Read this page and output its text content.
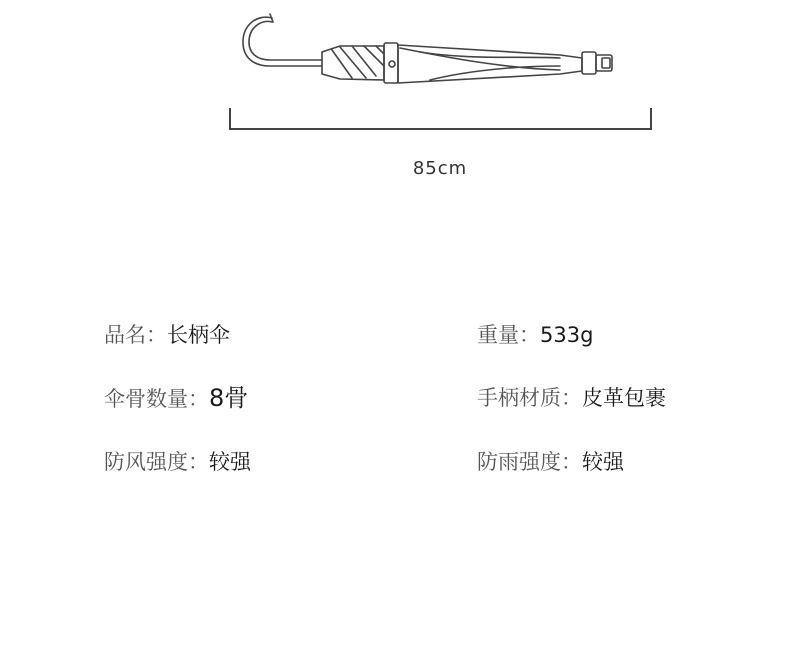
85cm
品名：长柄伞	重量：533g
伞骨数量：8骨	手柄材质：皮革包裹
防风强度：较强	防雨强度：较强
